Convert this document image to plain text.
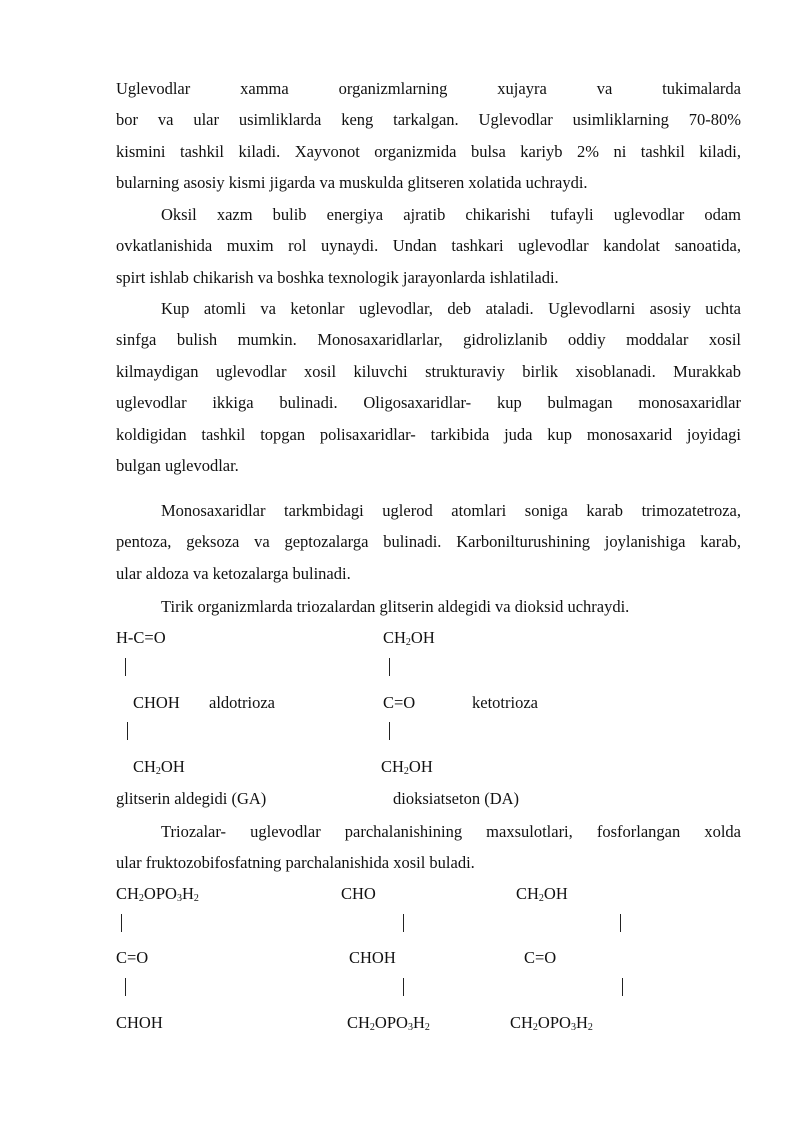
Uglevodlar xamma organizmlarning xujayra va tukimalarda
bor va ular usimliklarda keng tarkalgan. Uglevodlar usimliklarning 70-80%
kismini tashkil kiladi. Xayvonot organizmida bulsa kariyb 2% ni tashkil kiladi,
bularning asosiy kismi jigarda va muskulda glitseren xolatida uchraydi.
Oksil xazm bulib energiya ajratib chikarishi tufayli uglevodlar odam
ovkatlanishida muxim rol uynaydi. Undan tashkari uglevodlar kandolat sanoatida,
spirt ishlab chikarish va boshka texnologik jarayonlarda ishlatiladi.
Kup atomli va ketonlar uglevodlar, deb ataladi. Uglevodlarni asosiy uchta
sinfga bulish mumkin. Monosaxaridlarlar, gidrolizlanib oddiy moddalar xosil
kilmaydigan uglevodlar xosil kiluvchi strukturaviy birlik xisoblanadi. Murakkab
uglevodlar ikkiga bulinadi. Oligosaxaridlar- kup bulmagan monosaxaridlar
koldigidan tashkil topgan polisaxaridlar- tarkibida juda kup monosaxarid joyidagi
bulgan uglevodlar.
Monosaxaridlar tarkmbidagi uglerod atomlari soniga karab trimozatetroza,
pentoza, geksoza va geptozalarga bulinadi. Karbonilturushining joylanishiga karab,
ular aldoza va ketozalarga bulinadi.
Tirik organizmlarda triozalardan glitserin aldegidi va dioksid uchraydi.
H-C=O
CHOH aldotrioza
$CH_2OH$
$CH_2OH$
C=O	ketotrioza
$CH_2OH$
glitserin aldegidi (GA)	dioksiatseton (DA)
Triozalar- uglevodlar parchalanishining maxsulotlari, fosforlangan xolda
ular fruktozobifosfatning parchalanishida xosil buladi.
$CH_2OPO_3H_2$
C=O
CHOH
CHO
CHOH
$CH_2OPO_3H_2$
$CH_2OH$
C=O
$CH_2OPO_3H_2$
